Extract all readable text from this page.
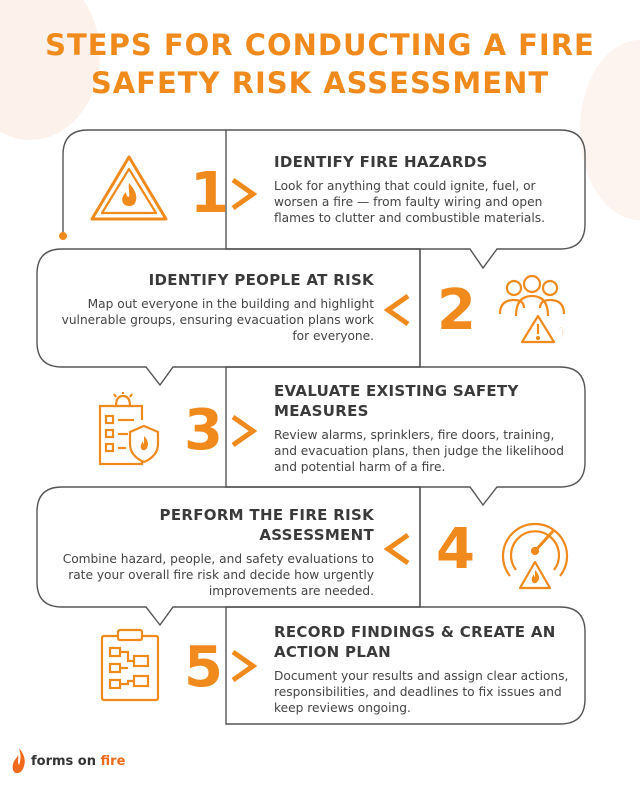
STEPS FOR CONDUCTING A FIRE
SAFETY RISK ASSESSMENT
1	IDENTIFY FIRE HAZARDS
Look for anything that could ignite, fuel, or worsen a fire — from faulty wiring and open flames to clutter and combustible materials.
IDENTIFY PEOPLE AT RISK
Map out everyone in the building and highlight vulnerable groups, ensuring evacuation plans work for everyone. 2
3
EVALUATE EXISTING SAFETY
MEASURES
Review alarms, sprinklers, fire doors, training, and evacuation plans, then judge the likelihood and potential harm of a fire.
PERFORM THE FIRE RISK
ASSESSMENT
Combine hazard, people, and safety evaluations to rate your overall fire risk and decide how urgently improvements are needed.
4
5
RECORD FINDINGS & CREATE AN
ACTION PLAN
Document your results and assign clear actions, responsibilities, and deadlines to fix issues and keep reviews ongoing.
forms on fire
